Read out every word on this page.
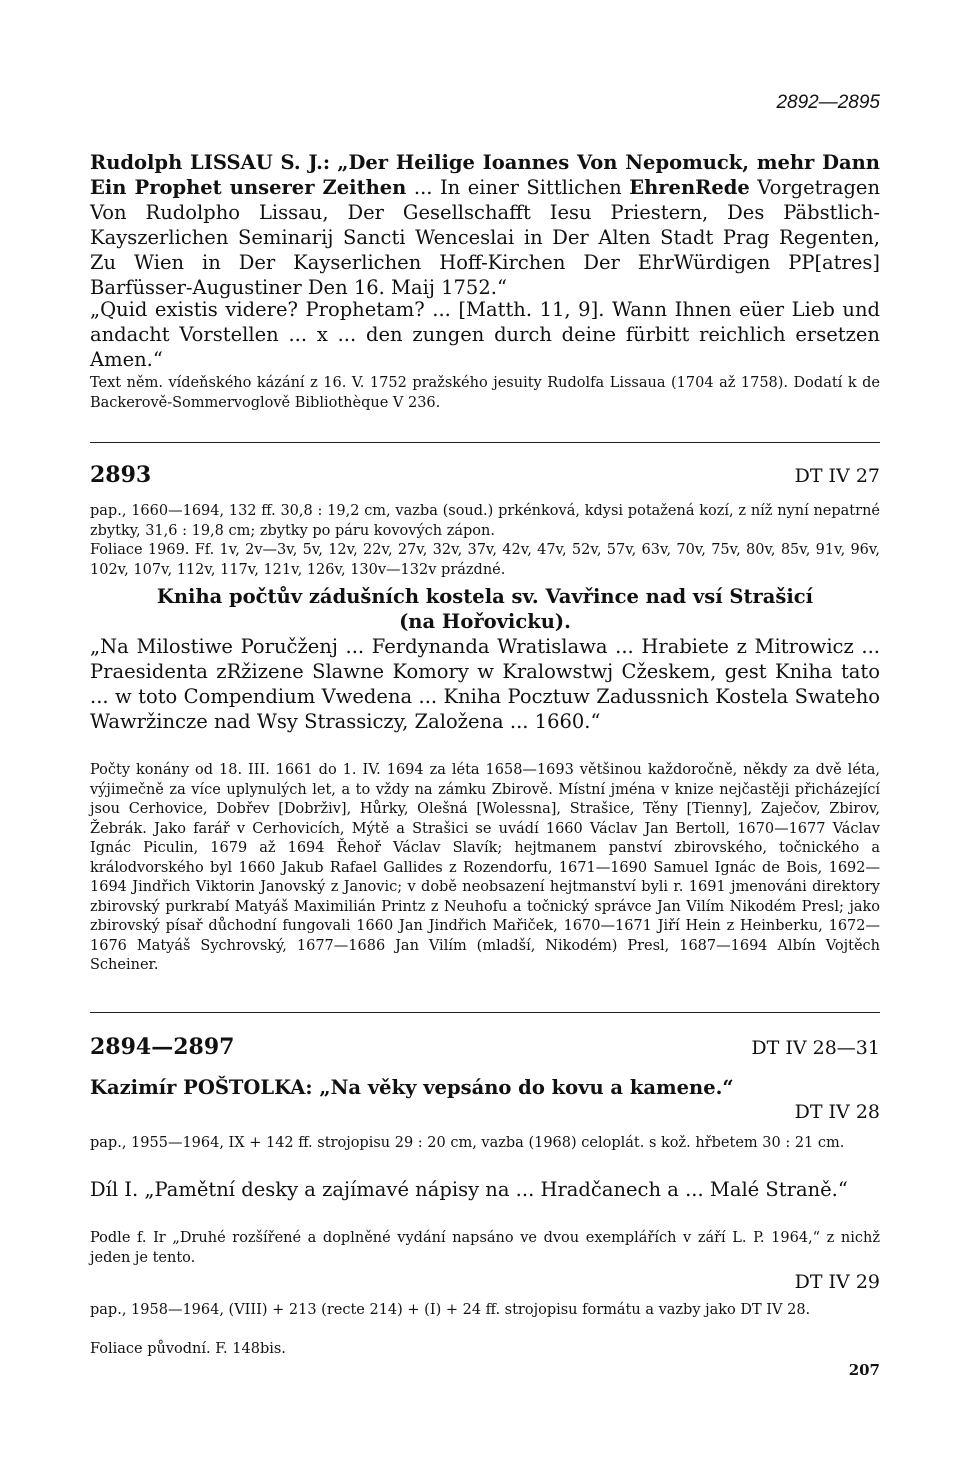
2892—2895
Rudolph LISSAU S. J.: „Der Heilige Ioannes Von Nepomuck, mehr Dann Ein Prophet unserer Zeithen ... In einer Sittlichen EhrenRede Vorgetragen Von Rudolpho Lissau, Der Gesellschafft Iesu Priestern, Des Päbstlich-Kayszerlichen Seminarij Sancti Wenceslai in Der Alten Stadt Prag Regenten, Zu Wien in Der Kayserlichen Hoff-Kirchen Der EhrWürdigen PP[atres] Barfüsser-Augustiner Den 16. Maij 1752.“
„Quid existis videre? Prophetam? ... [Matth. 11, 9]. Wann Ihnen eüer Lieb und andacht Vorstellen ... x ... den zungen durch deine fürbitt reichlich ersetzen Amen.“
Text něm. vídeňského kázání z 16. V. 1752 pražského jesuity Rudolfa Lissaua (1704 až 1758). Dodatí k de Backerově-Sommervoglově Bibliothèque V 236.
2893	DT IV 27
pap., 1660—1694, 132 ff. 30,8 : 19,2 cm, vazba (soud.) prkénková, kdysi potažená kozí, z níž nyní nepatrné zbytky, 31,6 : 19,8 cm; zbytky po páru kovových zápon.
Foliace 1969. Ff. 1v, 2v—3v, 5v, 12v, 22v, 27v, 32v, 37v, 42v, 47v, 52v, 57v, 63v, 70v, 75v, 80v, 85v, 91v, 96v, 102v, 107v, 112v, 117v, 121v, 126v, 130v—132v prázdné.
Kniha počtův zádušních kostela sv. Vavřince nad vsí Strašicí
(na Hořovicku).
„Na Milostiwe Poručženj ... Ferdynanda Wratislawa ... Hrabiete z Mitrowicz ... Praesidenta zRžizene Slawne Komory w Kralowstwj Cžeskem, gest Kniha tato ... w toto Compendium Vwedena ... Kniha Pocztuw Zadussnich Kostela Swateho Wawržincze nad Wsy Strassiczy, Založena ... 1660.“
Počty konány od 18. III. 1661 do 1. IV. 1694 za léta 1658—1693 většinou každoročně, někdy za dvě léta, výjimečně za více uplynulých let, a to vždy na zámku Zbirově. Místní jména v knize nejčastěji přicházející jsou Cerhovice, Dobřev [Dobrživ], Hůrky, Olešná [Wolessna], Strašice, Těny [Tienny], Zaječov, Zbirov, Žebrák. Jako farář v Cerhovicích, Mýtě a Strašici se uvádí 1660 Václav Jan Bertoll, 1670—1677 Václav Ignác Piculin, 1679 až 1694 Řehoř Václav Slavík; hejtmanem panství zbirovského, točnického a králodvorského byl 1660 Jakub Rafael Gallides z Rozendorfu, 1671—1690 Samuel Ignác de Bois, 1692—1694 Jindřich Viktorin Janovský z Janovic; v době neobsazení hejtmanství byli r. 1691 jmenováni direktory zbirovský purkrabí Matyáš Maximilián Printz z Neuhofu a točnický správce Jan Vilím Nikodém Presl; jako zbirovský písař důchodní fungovali 1660 Jan Jindřich Mařiček, 1670—1671 Jiří Hein z Heinberku, 1672—1676 Matyáš Sychrovský, 1677—1686 Jan Vilím (mladší, Nikodém) Presl, 1687—1694 Albín Vojtěch Scheiner.
2894—2897	DT IV 28—31
Kazimír POŠTOLKA: „Na věky vepsáno do kovu a kamene.“
DT IV 28
pap., 1955—1964, IX + 142 ff. strojopisu 29 : 20 cm, vazba (1968) celoplát. s kož. hřbetem 30 : 21 cm.
Díl I. „Pamětní desky a zajímavé nápisy na ... Hradčanech a ... Malé Straně.“
Podle f. Ir „Druhé rozšířené a doplněné vydání napsáno ve dvou exemplářích v září L. P. 1964,“ z nichž jeden je tento.
DT IV 29
pap., 1958—1964, (VIII) + 213 (recte 214) + (I) + 24 ff. strojopisu formátu a vazby jako DT IV 28.
Foliace původní. F. 148bis.
207
